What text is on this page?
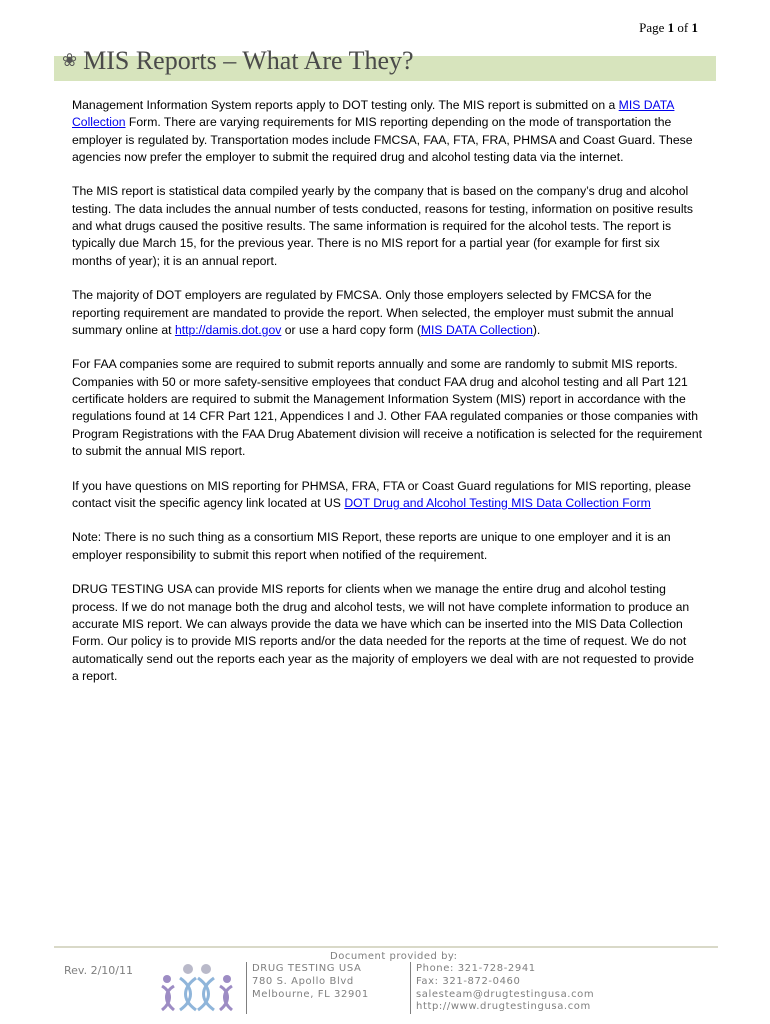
Page 1 of 1
❀ MIS Reports – What Are They?

Management Information System reports apply to DOT testing only. The MIS report is submitted on a MIS DATA Collection Form. There are varying requirements for MIS reporting depending on the mode of transportation the employer is regulated by. Transportation modes include FMCSA, FAA, FTA, FRA, PHMSA and Coast Guard. These agencies now prefer the employer to submit the required drug and alcohol testing data via the internet.

The MIS report is statistical data compiled yearly by the company that is based on the company’s drug and alcohol testing. The data includes the annual number of tests conducted, reasons for testing, information on positive results and what drugs caused the positive results. The same information is required for the alcohol tests. The report is typically due March 15, for the previous year. There is no MIS report for a partial year (for example for first six months of year); it is an annual report.

The majority of DOT employers are regulated by FMCSA. Only those employers selected by FMCSA for the reporting requirement are mandated to provide the report. When selected, the employer must submit the annual summary online at http://damis.dot.gov or use a hard copy form (MIS DATA Collection).

For FAA companies some are required to submit reports annually and some are randomly to submit MIS reports. Companies with 50 or more safety-sensitive employees that conduct FAA drug and alcohol testing and all Part 121 certificate holders are required to submit the Management Information System (MIS) report in accordance with the regulations found at 14 CFR Part 121, Appendices I and J. Other FAA regulated companies or those companies with Program Registrations with the FAA Drug Abatement division will receive a notification is selected for the requirement to submit the annual MIS report.

If you have questions on MIS reporting for PHMSA, FRA, FTA or Coast Guard regulations for MIS reporting, please contact visit the specific agency link located at US DOT Drug and Alcohol Testing MIS Data Collection Form

Note: There is no such thing as a consortium MIS Report, these reports are unique to one employer and it is an employer responsibility to submit this report when notified of the requirement.

DRUG TESTING USA can provide MIS reports for clients when we manage the entire drug and alcohol testing process. If we do not manage both the drug and alcohol tests, we will not have complete information to produce an accurate MIS report. We can always provide the data we have which can be inserted into the MIS Data Collection Form. Our policy is to provide MIS reports and/or the data needed for the reports at the time of request. We do not automatically send out the reports each year as the majority of employers we deal with are not requested to provide a report.

Document provided by:
Rev. 2/10/11	DRUG TESTING USA
780 S. Apollo Blvd
Melbourne, FL 32901
Phone: 321-728-2941
Fax: 321-872-0460
salesteam@drugtestingusa.com
http://www.drugtestingusa.com
